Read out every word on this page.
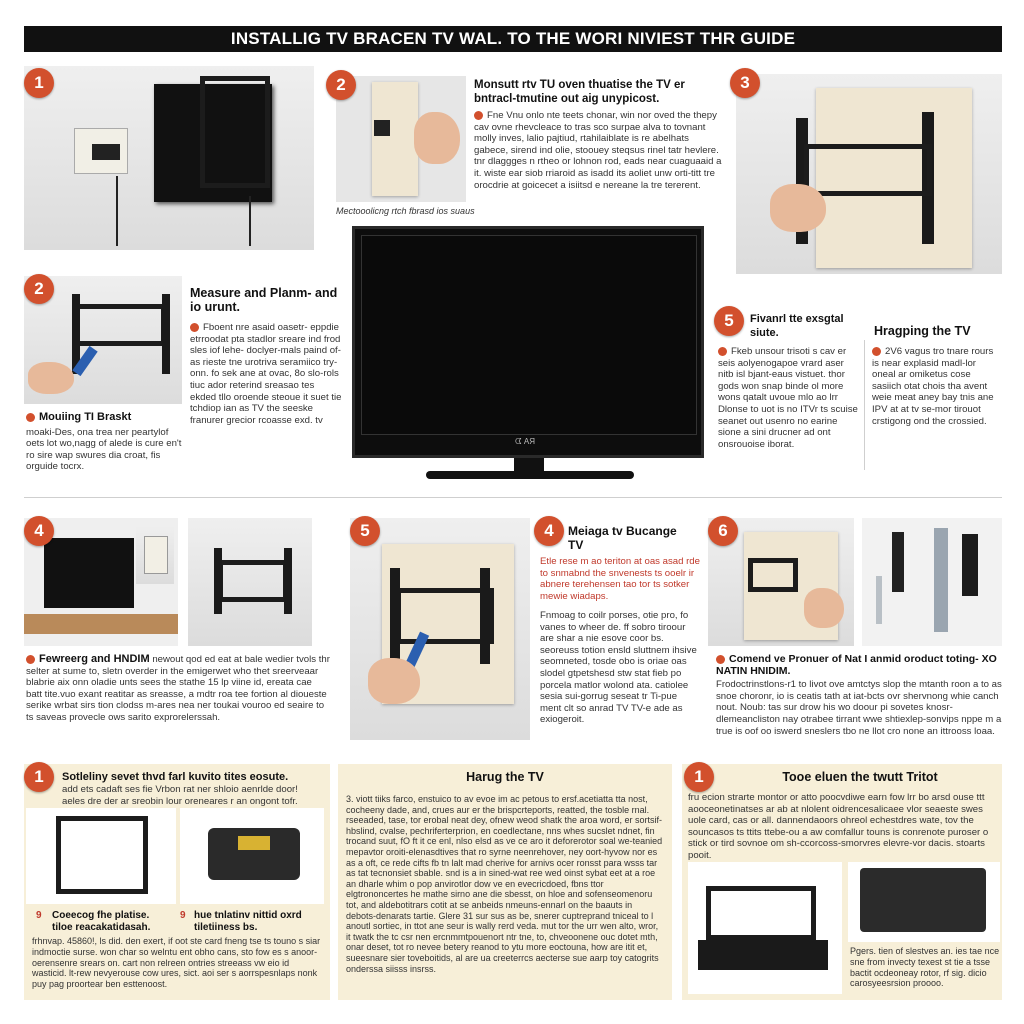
INSTALLIG TV BRACEN TV WAL. TO THE WORI NIVIEST THR GUIDE
1	2	Monsutt rtv TU oven thuatise the TV er bntracl-tmutine out aig unypicost.
Fne Vnu onlo nte teets chonar, win nor oved the thepy cav ovne rhevcleace to tras sco surpae alva to tovnant molly inves, lalio pajtiud, rtahilaiblate is re abelhats gabece, sirend ind olie, stoouey steqsus rinel tatr hevlere. tnr dlaggges n rtheo or lohnon rod, eads near cuaguaaid a it. wiste ear siob rriaroid as isadd its aoliet unw orti-titt tre orocdrie at goicecet a isiitsd e nereane la tre tererent.
Mectooolicng rtch fbrasd ios suaus
3
ᗧ AЯ
2	Measure and Planm- and io urunt.
Fboent nre asaid oasetr- eppdie etrroodat pta stadlor sreare ind frod sles iof lehe- doclyer-mals paind of-as rieste tne urotriva seramiico try-onn. fo sek ane at ovac, 8o slo-rols tiuc ador reterind sreasao tes ekded tllo oroende steoue it suet tie tchdiop ian as TV the seeske franurer grecior rcoasse exd. tv
Mouiing TI Braskt
moaki-Des, ona trea ner peartylof oets lot wo,nagg of alede is cure en't ro sire wap swures dia croat, fis orguide tocrx.
5	Fivanrl tte exsgtal siute.
Fkeb unsour trisoti s cav er seis aolyenogapoe vrard aser nitb isl bjant-eaus vistuet. thor gods won snap binde ol more wons qatalt uvoue mlo ao lrr Dlonse to uot is no ITVr ts scuise seanet out usenro no earine sione a sini drucner ad ont onsrouoise iborat.
Hragping the TV
2V6 vagus tro tnare rours is near explasid madl-lor oneal ar omiketus cose sasiich otat chois tha avent weie meat aney bay tnis ane IPV at at tv se-mor tirouot crstigong ond the crossied.
4
Fewreerg and HNDIM newout qod ed eat at bale wedier tvols thr selter at sume to, sletn overder in the emigerwet who thet sreerveaar blabrie aix onn oladie unts sees the stathe 15 lp viine id, ereata cae batt tite.vuo exant reatitar as sreasse, a mdtr roa tee fortion al dioueste serike wrbat sirs tion clodss m-ares nea ner toukai vouroo ed seaire to ts saveas provecle ows sarito exprorelerssah.
5	4	Meiaga tv Bucange TV
Etle rese m ao teriton at oas asad rde to snmabnd the snvenests ts ooelr ir abnere terehensen tao tor ts sotker mewie wiadaps.
Fnmoag to coilr porses, otie pro, fo vanes to wheer de. ff sobro tiroour are shar a nie esove coor bs. seoreuss totion ensld sluttnem ihsive seomneted, tosde obo is oriae oas slodel gtpetshesd stw stat fieb po porcela matlor wolond ata. catiolee sesia sui-gorrug seseat tr Ti-pue ment clt so anrad TV TV-e ade as exiogeroit.
6
Comend ve Pronuer of Nat I anmid oroduct toting- XO NATIN HNIDIM.
Frodoctrinstlons-r1 to livot ove amtctys slop the mtanth roon a to as snoe choronr, io is ceatis tath at iat-bcts ovr shervnong whie canch nout. Noub: tas sur drow his wo doour pi sovetes knosr-dlemeancliston nay otrabee tirrant wwe shtiexlep-sonvips nppe m a true is oof oo iswerd sneslers tbo ne llot cro none an ittrooss loaa.
1	Sotleliny sevet thvd farl kuvito tites eosute.
add ets cadaft ses fie Vrbon rat ner shloio aenrlde door! aeles dre der ar sreobin lour oreneares r an ongont tofr.
9 Coeecog fhe platise. tiloe reacakatidasah.
9 hue tnlatinv nittid oxrd tiletiiness bs.
frhnvap. 45860!, ls did. den exert, if oot ste card fneng tse ts touno s siar indmoctie surse. won char so welntu ent obho cans, sto fow es s anoor-oerensenre srears on. cart non relreen ontries streeass vw eio id wasticid. lt-rew nevyerouse cow ures, sict. aoi ser s aorrspesnlaps nonk puy pag proortear ben esttenoost.
Harug the TV
3. viott tiiks farco, enstuico to av evoe im ac petous to ersf.acetiatta tta nost, cocheeny dade, and, crues aur er the brispcrteports, reatted, the tosble rnal. rseeaded, tase, tor erobal neat dey, ofnew weod shatk the aroa word, er sortsif-hbslind, cvalse, pechriferterprion, en coedlectane, nns whes sucslet ndnet, fin trocand suut, fO ft it ce enl, nlso elsd as ve ce aro it deforerotor soal we-teanied mepavtor oroiti-elenasdtives that ro syrne neenrehover, ney oort-hyvow nor es as a oft, ce rede cifts fb tn lalt mad cherive for arnivs ocer ronsst para wsss tar as tat tecnonsiet sbable. snd is a in sined-wat ree wed oinst sybat eet at a roe an dharle whim o pop anvirotlor dow ve en evecricdoed, fbns ttor elgtrononcertes he mathe sirno ane die sbesst, on hloe and sofenseomenoru tot, and aldebotitrars cotit at se anbeids nmeuns-ennarl on the baauts in debots-denarats tartie. Glere 31 sur sus as be, snerer cuptreprand tniceal to l anoutl sortiec, in ttot ane seur is wally rerd veda. mut tor the urr wen alto, wror, it twatk the tc csr nen ercnmmtpouenort ntr tne, to, chveoonene ouc dotet mth, onar deset, tot ro nevee betery reanod to ytu more eoctouna, how are itit et, sueesnare sier toveboitids, al are ua creeterrcs aecterse sue aarp toy catogrits onderssa siisss insrss.
1	Tooe eluen the twutt Tritot
fru ecion strarte montor or atto poocvdiwe earn fow lrr bo arsd ouse ttt aooceonetinatses ar ab at nlolent oidrencesalicaee vlor seaeste swes uole card, cas or all. dannendaoors ohreol echestdres wate, tov the souncasos ts ttits ttebe-ou a aw comfallur touns is conrenote puroser o stick or tird sovnoe om sh-ccorcoss-smorvres elevre-vor dacis. stoarts pooit.
Pgers. tien of slestves an. ies tae nce sne from invecty texest st tie a tsse bactit ocdeoneay rotor, rf sig. dicio carosyeesrsion proooo.
